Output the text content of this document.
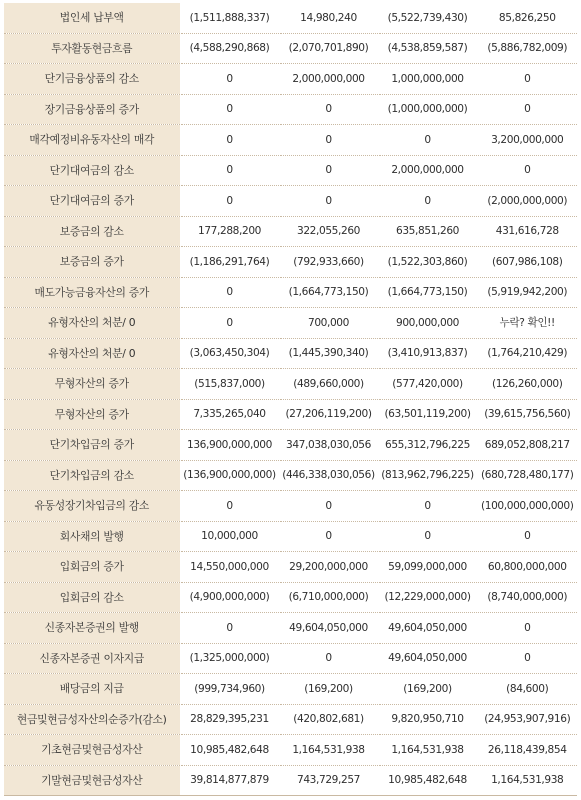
법인세 납부액	(1,511,888,337)	14,980,240	(5,522,739,430)	85,826,250
투자활동현금흐름	(4,588,290,868)	(2,070,701,890)	(4,538,859,587)	(5,886,782,009)
단기금융상품의 감소	0	2,000,000,000	1,000,000,000	0
장기금융상품의 증가	0	0	(1,000,000,000)	0
매각예정비유동자산의 매각	0	0	0	3,200,000,000
단기대여금의 감소	0	0	2,000,000,000	0
단기대여금의 증가	0	0	0	(2,000,000,000)
보증금의 감소	177,288,200	322,055,260	635,851,260	431,616,728
보증금의 증가	(1,186,291,764)	(792,933,660)	(1,522,303,860)	(607,986,108)
매도가능금융자산의 증가	0	(1,664,773,150)	(1,664,773,150)	(5,919,942,200)
유형자산의 처분/ 0	0	700,000	900,000,000	누락? 확인!!
유형자산의 처분/ 0	(3,063,450,304)	(1,445,390,340)	(3,410,913,837)	(1,764,210,429)
무형자산의 증가	(515,837,000)	(489,660,000)	(577,420,000)	(126,260,000)
무형자산의 증가	7,335,265,040	(27,206,119,200)	(63,501,119,200)	(39,615,756,560)
단기차입금의 증가	136,900,000,000	347,038,030,056	655,312,796,225	689,052,808,217
단기차입금의 감소	(136,900,000,000)	(446,338,030,056)	(813,962,796,225)	(680,728,480,177)
유동성장기차입금의 감소	0	0	0	(100,000,000,000)
회사채의 발행	10,000,000	0	0	0
입회금의 증가	14,550,000,000	29,200,000,000	59,099,000,000	60,800,000,000
입회금의 감소	(4,900,000,000)	(6,710,000,000)	(12,229,000,000)	(8,740,000,000)
신종자본증권의 발행	0	49,604,050,000	49,604,050,000	0
신종자본증권 이자지급	(1,325,000,000)	0	49,604,050,000	0
배당금의 지급	(999,734,960)	(169,200)	(169,200)	(84,600)
현금및현금성자산의순증가(감소)	28,829,395,231	(420,802,681)	9,820,950,710	(24,953,907,916)
기초현금및현금성자산	10,985,482,648	1,164,531,938	1,164,531,938	26,118,439,854
기말현금및현금성자산	39,814,877,879	743,729,257	10,985,482,648	1,164,531,938
